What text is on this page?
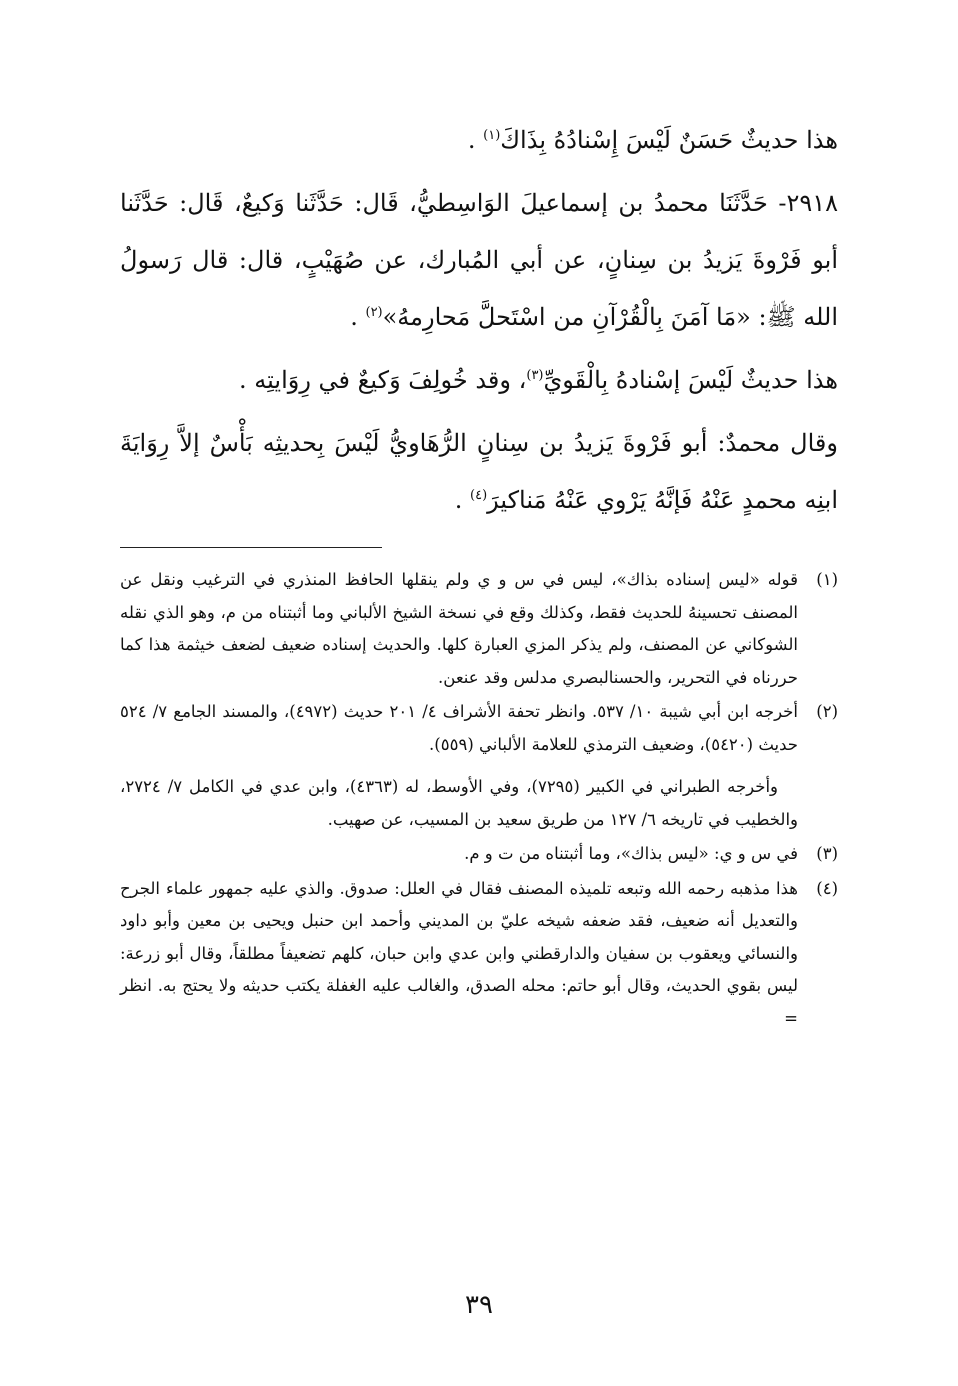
هذا حديثٌ حَسَنٌ لَيْسَ إِسْنادُهُ بِذَاكَ$^{(١)}$ .

٢٩١٨- حَدَّثَنَا محمدُ بن إسماعيلَ الوَاسِطيُّ، قَال: حَدَّثَنا وَكيعٌ، قَال: حَدَّثَنا أبو فَرْوةَ يَزيدُ بن سِنانٍ، عن أبي المُبارك، عن صُهَيْبٍ، قال: قال رَسولُ الله ﷺ: «مَا آمَنَ بِالْقُرْآنِ من اسْتَحلَّ مَحارِمهُ»$^{(٢)}$ .

هذا حديثٌ لَيْسَ إسْنادهُ بِالْقَويِّ$^{(٣)}$، وقد خُولِفَ وَكيعٌ في رِوَايتِه .

وقال محمدٌ: أبو فَرْوةَ يَزيدُ بن سِنانٍ الرُّهَاويُّ لَيْسَ بِحديثِه بَأْسٌ إلاَّ رِوَايَةَ ابنِه محمدٍ عَنْهُ فَإنَّهُ يَرْوي عَنْهُ مَناكيرَ$^{(٤)}$ .

(١)
قوله «ليس إسناده بذاك»، ليس في س و ي ولم ينقلها الحافظ المنذري في الترغيب ونقل عن المصنف تحسينهُ للحديث فقط، وكذلك وقع في نسخة الشيخ الألباني وما أثبتناه من م، وهو الذي نقله الشوكاني عن المصنف، ولم يذكر المزي العبارة كلها. والحديث إسناده ضعيف لضعف خيثمة هذا كما حررناه في التحرير، والحسنالبصري مدلس وقد عنعن.
(٢)
أخرجه ابن أبي شيبة ١٠/ ٥٣٧. وانظر تحفة الأشراف ٤/ ٢٠١ حديث (٤٩٧٢)، والمسند الجامع ٧/ ٥٢٤ حديث (٥٤٢٠)، وضعيف الترمذي للعلامة الألباني (٥٥٩).
وأخرجه الطبراني في الكبير (٧٢٩٥)، وفي الأوسط، له (٤٣٦٣)، وابن عدي في الكامل ٧/ ٢٧٢٤، والخطيب في تاريخه ٦/ ١٢٧ من طريق سعيد بن المسيب، عن صهيب.
(٣)
في س و ي: «ليس بذاك»، وما أثبتناه من ت و م.
(٤)
هذا مذهبه رحمه الله وتبعه تلميذه المصنف فقال في العلل: صدوق. والذي عليه جمهور علماء الجرح والتعديل أنه ضعيف، فقد ضعفه شيخه عليّ بن المديني وأحمد ابن حنبل ويحيى بن معين وأبو داود والنسائي ويعقوب بن سفيان والدارقطني وابن عدي وابن حبان، كلهم تضعيفاً مطلقاً، وقال أبو زرعة: ليس بقوي الحديث، وقال أبو حاتم: محله الصدق، والغالب عليه الغفلة يكتب حديثه ولا يحتج به. انظر =
٣٩
